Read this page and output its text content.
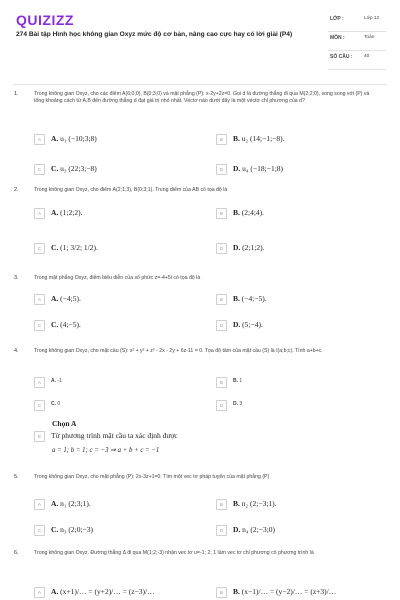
QUIZIZZ
274 Bài tập Hình học không gian Oxyz mức độ cơ bản, nâng cao cực hay có lời giải (P4)
LỚP :	Lớp 12
MÔN :	Toán
SỐ CÂU : 40
1.	Trong không gian Oxyz, cho các điểm A(6;0;0), B(0;3;0) và mặt phẳng (P): x-2y+2z=0. Gọi d là đường thẳng đi qua M(2;2;0), song song với (P) và tổng khoảng cách từ A,B đến đường thẳng d đạt giá trị nhỏ nhất. Véctơ nào dưới đây là một véctơ chỉ phương của d?
A	A. u₁ (−10;3;8)	B	B. u₂ (14;−1;−8).
C	C. u₃ (22;3;−8)	D	D. u₄ (−18;−1;8)
2.	Trong không gian Oxyz, cho điểm A(2;1;3), B(0;3;1). Trung điểm của AB có tọa độ là
A	A. (1;2;2).	B	B. (2;4;4).
C	C. (1; 3/2; 1/2).	D	D. (2;1;2).
3.	Trong mặt phẳng Oxyz, điểm biểu diễn của số phức z=-4+5i có tọa độ là
A	A. (−4;5).	B	B. (−4;−5).
C	C. (4;−5).	D	D. (5;−4).
4.	Trong không gian Oxyz, cho mặt cầu (S): x² + y² + z² - 2x - 2y + 6z-11 = 0. Tọa độ tâm của mặt cầu (S) là I(a;b;c). Tính a+b+c.
A	A. -1	B	B. 1
C	C. 0	D	D. 3
Chọn A
E	Từ phương trình mặt cầu ta xác định được
a = 1; b = 1; c = −3 ⇒ a + b + c = −1
5.	Trong không gian Oxyz, cho mặt phẳng (P): 2x-3z+1=0. Tìm một vec tơ pháp tuyến của mặt phẳng (P)
A	A. n₁ (2;3;1).	B	B. n₂ (2;−3;1).
C	C. n₃ (2;0;−3)	D	D. n₄ (2;−3;0)
6.	Trong không gian Oxyz. Đường thẳng Δ đi qua M(1;2;-3) nhận vec tơ u=-1; 2; 1 làm vec tơ chỉ phương có phương trình là
A	A. (x+1)/… = (y+2)/… = (z−3)/…	B	B. (x−1)/… = (y−2)/… = (z+3)/…
